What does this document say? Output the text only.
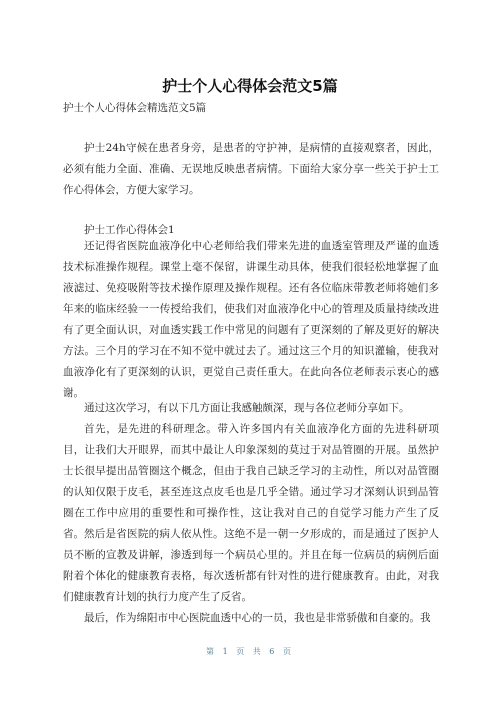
护士个人心得体会范文5篇
护士个人心得体会精选范文5篇

护士24h守候在患者身旁，是患者的守护神，是病情的直接观察者，因此，必须有能力全面、准确、无误地反映患者病情。下面给大家分享一些关于护士工作心得体会，方便大家学习。

护士工作心得体会1

还记得省医院血液净化中心老师给我们带来先进的血透室管理及严谨的血透技术标准操作规程。课堂上毫不保留，讲课生动具体，使我们很轻松地掌握了血液滤过、免疫吸附等技术操作原理及操作规程。还有各位临床带教老师将她们多年来的临床经验一一传授给我们，使我们对血液净化中心的管理及质量持续改进有了更全面认识，对血透实践工作中常见的问题有了更深刻的了解及更好的解决方法。三个月的学习在不知不觉中就过去了。通过这三个月的知识灌输，使我对血液净化有了更深刻的认识，更觉自己责任重大。在此向各位老师表示衷心的感谢。

通过这次学习，有以下几方面让我感触颇深，现与各位老师分享如下。

首先，是先进的科研理念。带入许多国内有关血液净化方面的先进科研项目，让我们大开眼界，而其中最让人印象深刻的莫过于对品管圈的开展。虽然护士长很早提出品管圈这个概念，但由于我自己缺乏学习的主动性，所以对品管圈的认知仅限于皮毛，甚至连这点皮毛也是几乎全错。通过学习才深刻认识到品管圈在工作中应用的重要性和可操作性，这让我对自己的自觉学习能力产生了反省。 然后是省医院的病人依从性。这绝不是一朝一夕形成的，而是通过了医护人员不断的宣教及讲解，渗透到每一个病员心里的。并且在每一位病员的病例后面附着个体化的健康教育表格，每次透析都有针对性的进行健康教育。由此，对我们健康教育计划的执行力度产生了反省。

最后，作为绵阳市中心医院血透中心的一员，我也是非常骄傲和自豪的。我

第 1 页 共 6 页
